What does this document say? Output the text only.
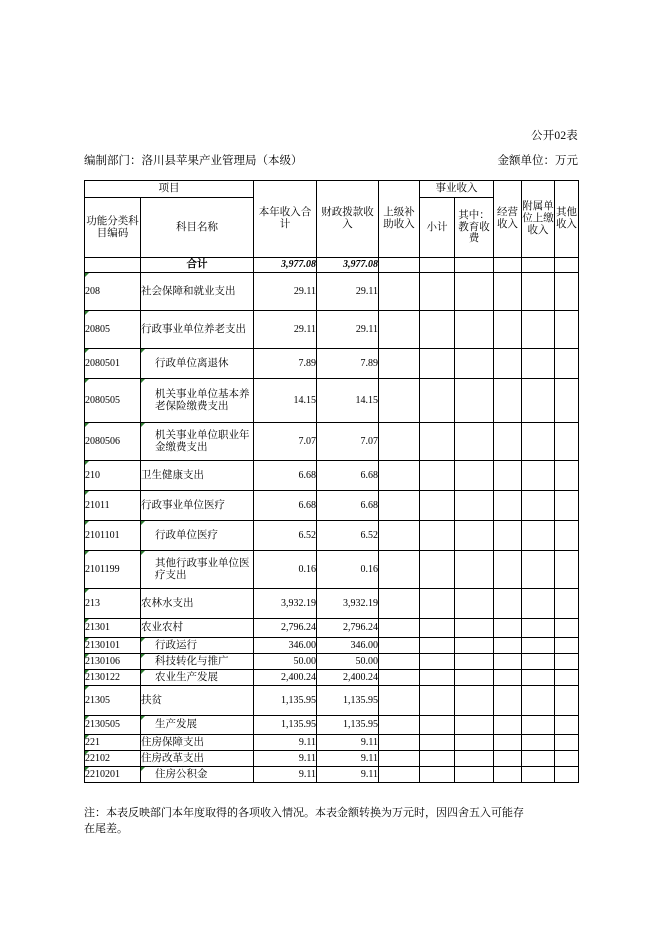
公开02表
编制部门：洛川县苹果产业管理局（本级）	金额单位：万元
项目		本年收入合计	财政拨款收入	上级补助收入	事业收入		经营收入	附属单位上缴收入	其他收入
功能分类科目编码	科目名称				小计	其中：教育收费			

	合计	3,977.08	3,977.08						
208	社会保障和就业支出	29.11	29.11						
20805	行政事业单位养老支出	29.11	29.11						
2080501	行政单位离退休	7.89	7.89						
2080505	机关事业单位基本养老保险缴费支出	14.15	14.15						
2080506	机关事业单位职业年金缴费支出	7.07	7.07						
210	卫生健康支出	6.68	6.68						
21011	行政事业单位医疗	6.68	6.68						
2101101	行政单位医疗	6.52	6.52						
2101199	其他行政事业单位医疗支出	0.16	0.16						
213	农林水支出	3,932.19	3,932.19						
21301	农业农村	2,796.24	2,796.24						
2130101	行政运行	346.00	346.00						
2130106	科技转化与推广	50.00	50.00						
2130122	农业生产发展	2,400.24	2,400.24						
21305	扶贫	1,135.95	1,135.95						
2130505	生产发展	1,135.95	1,135.95						
221	住房保障支出	9.11	9.11						
22102	住房改革支出	9.11	9.11						
2210201	住房公积金	9.11	9.11						
注：本表反映部门本年度取得的各项收入情况。本表金额转换为万元时，因四舍五入可能存
在尾差。
